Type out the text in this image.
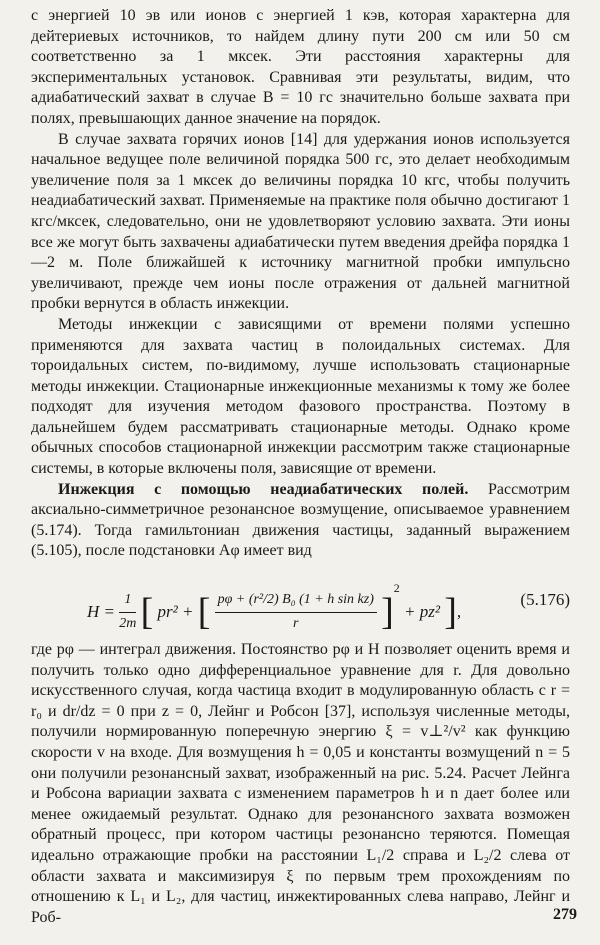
с энергией 10 эв или ионов с энергией 1 кэв, которая характерна для дейтериевых источников, то найдем длину пути 200 см или 50 см соответственно за 1 мксек. Эти расстояния характерны для экспериментальных установок. Сравнивая эти результаты, видим, что адиабатический захват в случае B = 10 гс значительно больше захвата при полях, превышающих данное значение на порядок.

В случае захвата горячих ионов [14] для удержания ионов используется начальное ведущее поле величиной порядка 500 гс, это делает необходимым увеличение поля за 1 мксек до величины порядка 10 кгс, чтобы получить неадиабатический захват. Применяемые на практике поля обычно достигают 1 кгс/мксек, следовательно, они не удовлетворяют условию захвата. Эти ионы все же могут быть захвачены адиабатически путем введения дрейфа порядка 1—2 м. Поле ближайшей к источнику магнитной пробки импульсно увеличивают, прежде чем ионы после отражения от дальней магнитной пробки вернутся в область инжекции.

Методы инжекции с зависящими от времени полями успешно применяются для захвата частиц в полоидальных системах. Для тороидальных систем, по-видимому, лучше использовать стационарные методы инжекции. Стационарные инжекционные механизмы к тому же более подходят для изучения методом фазового пространства. Поэтому в дальнейшем будем рассматривать стационарные методы. Однако кроме обычных способов стационарной инжекции рассмотрим также стационарные системы, в которые включены поля, зависящие от времени.

Инжекция с помощью неадиабатических полей. Рассмотрим аксиально-симметричное резонансное возмущение, описываемое уравнением (5.174). Тогда гамильтониан движения частицы, заданный выражением (5.105), после подстановки Aφ имеет вид

$H = \frac{1}{2m}$ [ pr² + [ $\frac{\text{pφ + (r²/2) B₀ (1 + h sin kz)}}{r} ]^2 + pz^2$ ],
(5.176)

где pφ — интеграл движения. Постоянство pφ и H позволяет оценить время и получить только одно дифференциальное уравнение для r. Для довольно искусственного случая, когда частица входит в модулированную область с r = r₀ и dr/dz = 0 при z = 0, Лейнг и Робсон [37], используя численные методы, получили нормированную поперечную энергию ξ = v⊥²/v² как функцию скорости v на входе. Для возмущения h = 0,05 и константы возмущений n = 5 они получили резонансный захват, изображенный на рис. 5.24. Расчет Лейнга и Робсона вариации захвата с изменением параметров h и n дает более или менее ожидаемый результат. Однако для резонансного захвата возможен обратный процесс, при котором частицы резонансно теряются. Помещая идеально отражающие пробки на расстоянии L₁/2 справа и L₂/2 слева от области захвата и максимизируя ξ по первым трем прохождениям по отношению к L₁ и L₂, для частиц, инжектированных слева направо, Лейнг и Роб-	279
